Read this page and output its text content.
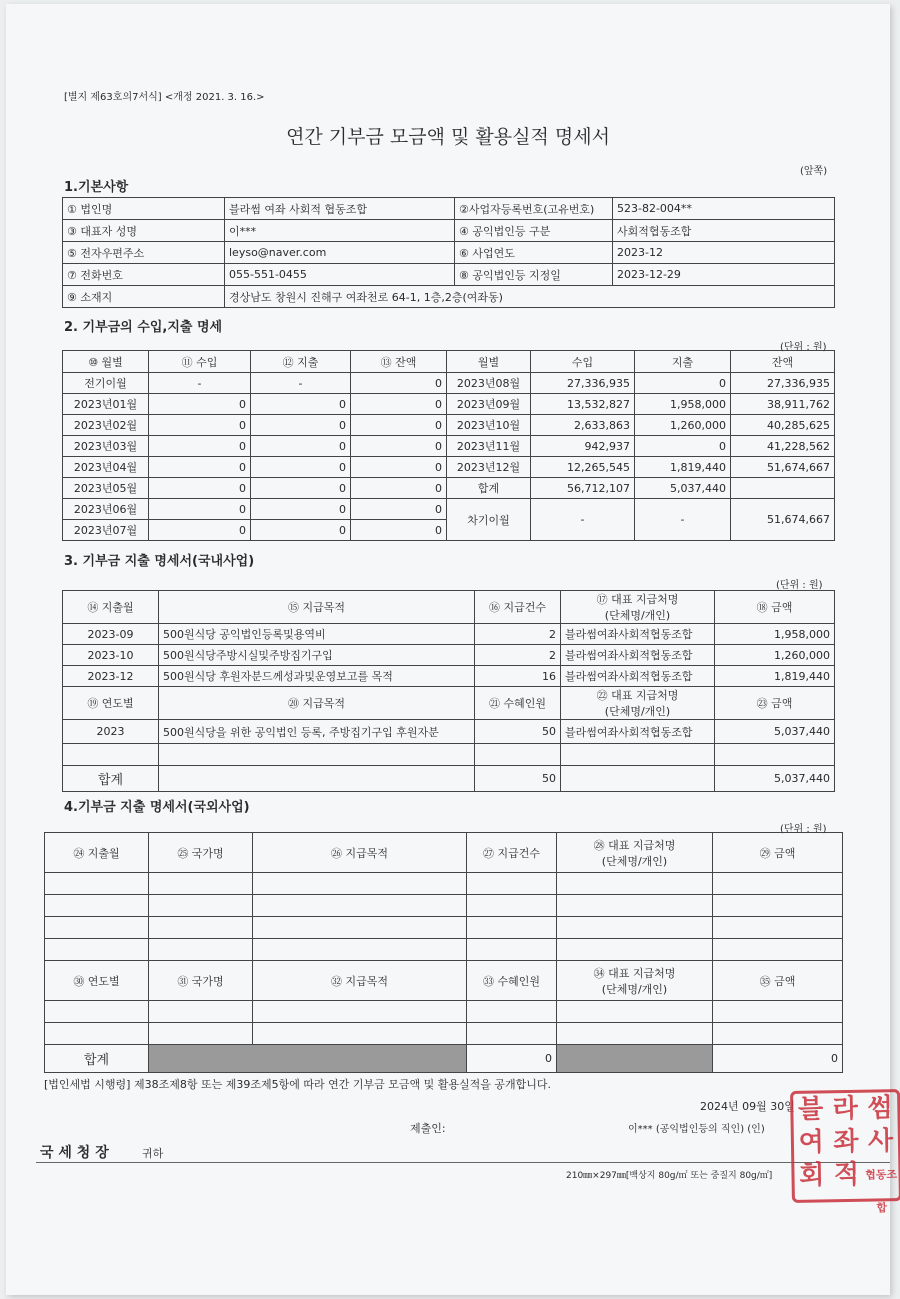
[별지 제63호의7서식] <개정 2021. 3. 16.>
연간 기부금 모금액 및 활용실적 명세서
(앞쪽)
1.기본사항
① 법인명	블라썸 여좌 사회적 협동조합	②사업자등록번호(고유번호)	523-82-004**
③ 대표자 성명	이***	④ 공익법인등 구분	사회적협동조합
⑤ 전자우편주소	leyso@naver.com	⑥ 사업연도	2023-12
⑦ 전화번호	055-551-0455	⑧ 공익법인등 지정일	2023-12-29
⑨ 소재지	경상남도 창원시 진해구 여좌천로 64-1, 1층,2층(여좌동)		
2. 기부금의 수입,지출 명세
(단위 : 원)
⑩ 월별	⑪ 수입	⑫ 지출	⑬ 잔액	월별	수입	지출	잔액
전기이월	-	-	0	2023년08월	27,336,935	0	27,336,935
2023년01월	0	0	0	2023년09월	13,532,827	1,958,000	38,911,762
2023년02월	0	0	0	2023년10월	2,633,863	1,260,000	40,285,625
2023년03월	0	0	0	2023년11월	942,937	0	41,228,562
2023년04월	0	0	0	2023년12월	12,265,545	1,819,440	51,674,667
2023년05월	0	0	0	합계	56,712,107	5,037,440	
2023년06월	0	0	0	차기이월	-	-	51,674,667
2023년07월	0	0	0				
3. 기부금 지출 명세서(국내사업)
(단위 : 원)
⑭ 지출월	⑮ 지급목적	⑯ 지급건수	⑰ 대표 지급처명
(단체명/개인)	⑱ 금액
2023-09	500원식당 공익법인등록및용역비	2	블라썸여좌사회적협동조합	1,958,000
2023-10	500원식당주방시실및주방집기구입	2	블라썸여좌사회적협동조합	1,260,000
2023-12	500원식당 후원자분드께성과및운영보고를 목적	16	블라썸여좌사회적협동조합	1,819,440
⑲ 연도별	⑳ 지급목적	㉑ 수혜인원	㉒ 대표 지급처명
(단체명/개인)	㉓ 금액
2023	500원식당을 위한 공익법인 등록, 주방집기구입 후원자분	50	블라썸여좌사회적협동조합	5,037,440

합계		50		5,037,440
4.기부금 지출 명세서(국외사업)
(단위 : 원)
㉔ 지출월	㉕ 국가명	㉖ 지급목적	㉗ 지급건수	㉘ 대표 지급처명
(단체명/개인)	㉙ 금액

㉚ 연도별	㉛ 국가명	㉜ 지급목적	㉝ 수혜인원	㉞ 대표 지급처명
(단체명/개인)	㉟ 금액

합계			0		0
[법인세법 시행령] 제38조제8항 또는 제39조제5항에 따라 연간 기부금 모금액 및 활용실적을 공개합니다.
2024년 09월 30일
제출인:	이*** (공익법인등의 직인) (인)
국 세 청 장	귀하
210㎜×297㎜[백상지 80g/㎡ 또는 중질지 80g/㎡]
블 라 썸
여 좌 사
회 적 협동조합
